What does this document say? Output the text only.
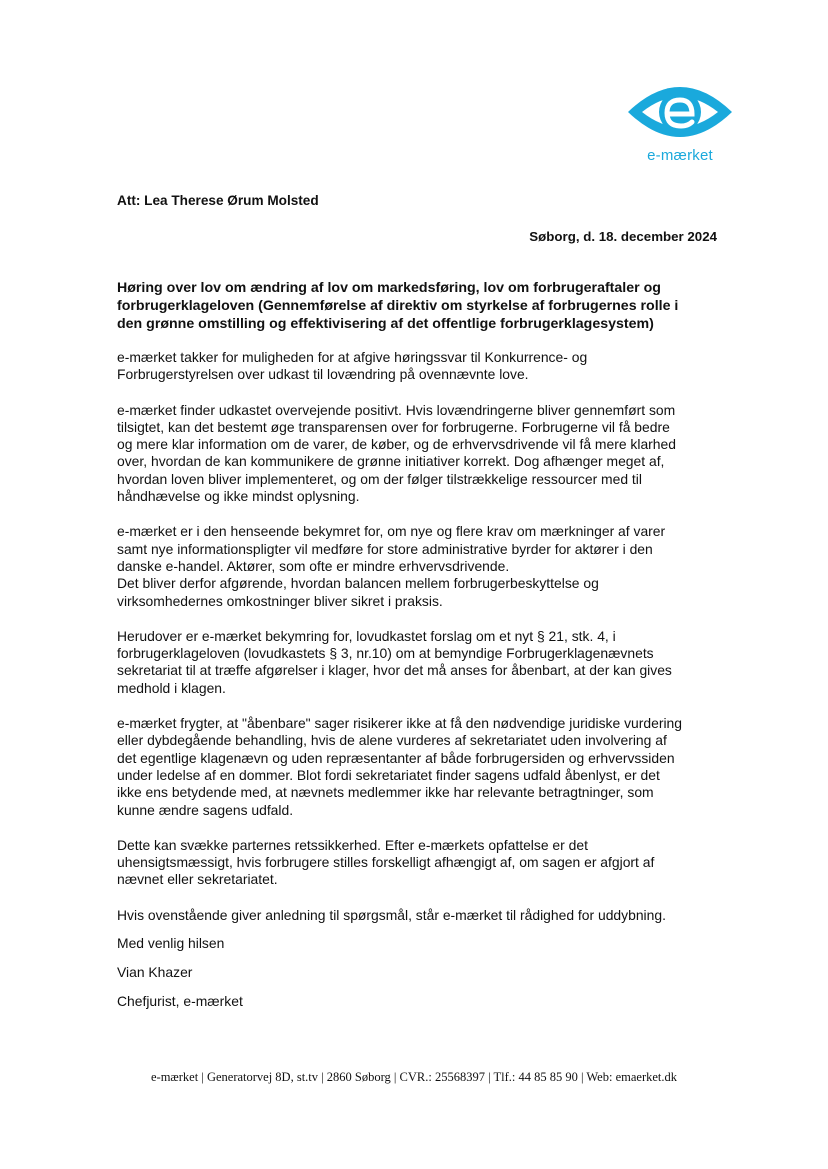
e-mærket
Att: Lea Therese Ørum Molsted
Søborg, d. 18. december 2024
Høring over lov om ændring af lov om markedsføring, lov om forbrugeraftaler og
forbrugerklageloven (Gennemførelse af direktiv om styrkelse af forbrugernes rolle i
den grønne omstilling og effektivisering af det offentlige forbrugerklagesystem)

e-mærket takker for muligheden for at afgive høringssvar til Konkurrence- og
Forbrugerstyrelsen over udkast til lovændring på ovennævnte love.

e-mærket finder udkastet overvejende positivt. Hvis lovændringerne bliver gennemført som
tilsigtet, kan det bestemt øge transparensen over for forbrugerne. Forbrugerne vil få bedre
og mere klar information om de varer, de køber, og de erhvervsdrivende vil få mere klarhed
over, hvordan de kan kommunikere de grønne initiativer korrekt. Dog afhænger meget af,
hvordan loven bliver implementeret, og om der følger tilstrækkelige ressourcer med til
håndhævelse og ikke mindst oplysning.

e-mærket er i den henseende bekymret for, om nye og flere krav om mærkninger af varer
samt nye informationspligter vil medføre for store administrative byrder for aktører i den
danske e-handel. Aktører, som ofte er mindre erhvervsdrivende.
Det bliver derfor afgørende, hvordan balancen mellem forbrugerbeskyttelse og
virksomhedernes omkostninger bliver sikret i praksis.

Herudover er e-mærket bekymring for, lovudkastet forslag om et nyt § 21, stk. 4, i
forbrugerklageloven (lovudkastets § 3, nr.10) om at bemyndige Forbrugerklagenævnets
sekretariat til at træffe afgørelser i klager, hvor det må anses for åbenbart, at der kan gives
medhold i klagen.

e-mærket frygter, at "åbenbare" sager risikerer ikke at få den nødvendige juridiske vurdering
eller dybdegående behandling, hvis de alene vurderes af sekretariatet uden involvering af
det egentlige klagenævn og uden repræsentanter af både forbrugersiden og erhvervssiden
under ledelse af en dommer. Blot fordi sekretariatet finder sagens udfald åbenlyst, er det
ikke ens betydende med, at nævnets medlemmer ikke har relevante betragtninger, som
kunne ændre sagens udfald.

Dette kan svække parternes retssikkerhed. Efter e-mærkets opfattelse er det
uhensigtsmæssigt, hvis forbrugere stilles forskelligt afhængigt af, om sagen er afgjort af
nævnet eller sekretariatet.

Hvis ovenstående giver anledning til spørgsmål, står e-mærket til rådighed for uddybning.

Med venlig hilsen
Vian Khazer
Chefjurist, e-mærket
e-mærket | Generatorvej 8D, st.tv | 2860 Søborg | CVR.: 25568397 | Tlf.: 44 85 85 90 | Web: emaerket.dk
